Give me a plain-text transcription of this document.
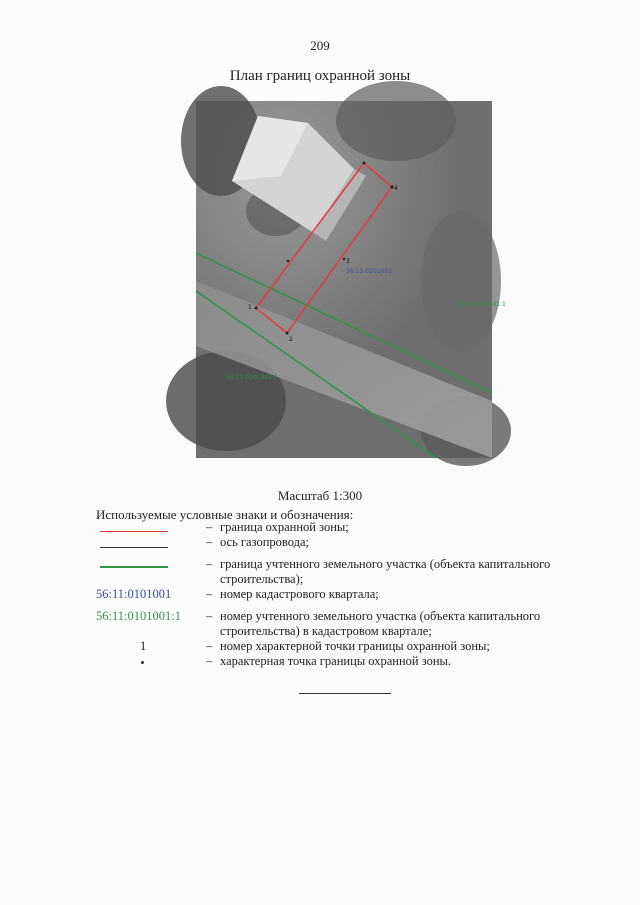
209
План границ охранной зоны
4
1
2
3
56:11:0101001
56:11:0101001:1
56:11:0101001:1
Масштаб 1:300
Используемые условные знаки и обозначения:
– граница охранной зоны;
– ось газопровода;
– граница учтенного земельного участка (объекта капитального строительства);
56:11:0101001	– номер кадастрового квартала;
56:11:0101001:1	– номер учтенного земельного участка (объекта капитального строительства) в кадастровом квартале;
1	– номер характерной точки границы охранной зоны;
– характерная точка границы охранной зоны.
